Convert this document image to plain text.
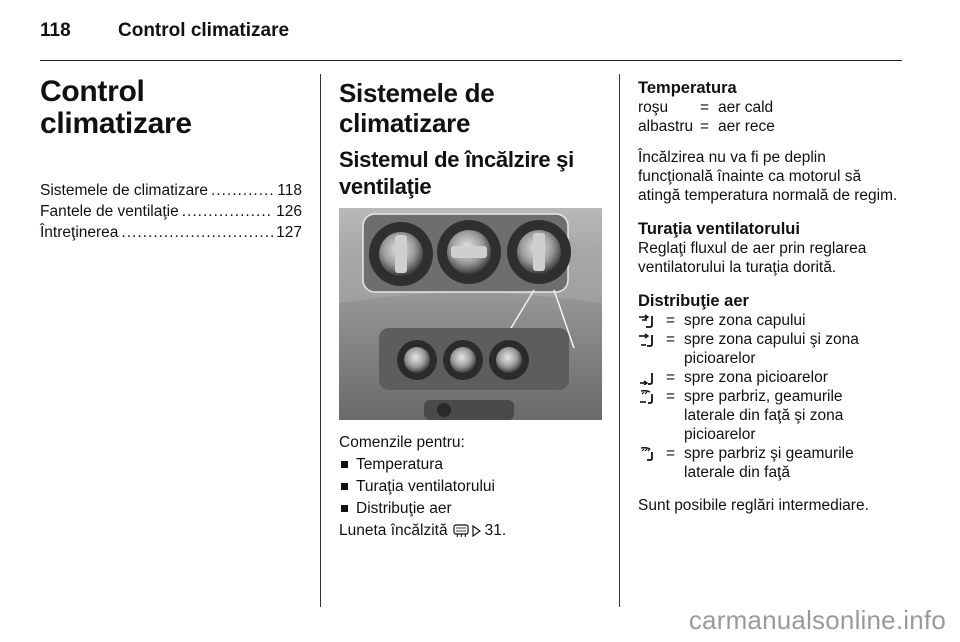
118 Control climatizare
Control climatizare
Sistemele de climatizare .....	118
Fantele de ventilaţie .....	126
Întreţinerea .....	127
Sistemele de
climatizare
Sistemul de încălzire şi
ventilaţie
Comenzile pentru:
Temperatura
Turaţia ventilatorului
Distribuţie aer
Luneta încălzită 31.
Temperatura
roşu	= aer cald
albastru = aer rece
Încălzirea nu va fi pe deplin
funcţională înainte ca motorul să
atingă temperatura normală de regim.
Turaţia ventilatorului
Reglaţi fluxul de aer prin reglarea
ventilatorului la turaţia dorită.
Distribuţie aer
= spre zona capului
= spre zona capului şi zona
picioarelor
= spre zona picioarelor
= spre parbriz, geamurile
laterale din faţă şi zona
picioarelor
= spre parbriz şi geamurile
laterale din faţă
Sunt posibile reglări intermediare.
carmanualsonline.info
